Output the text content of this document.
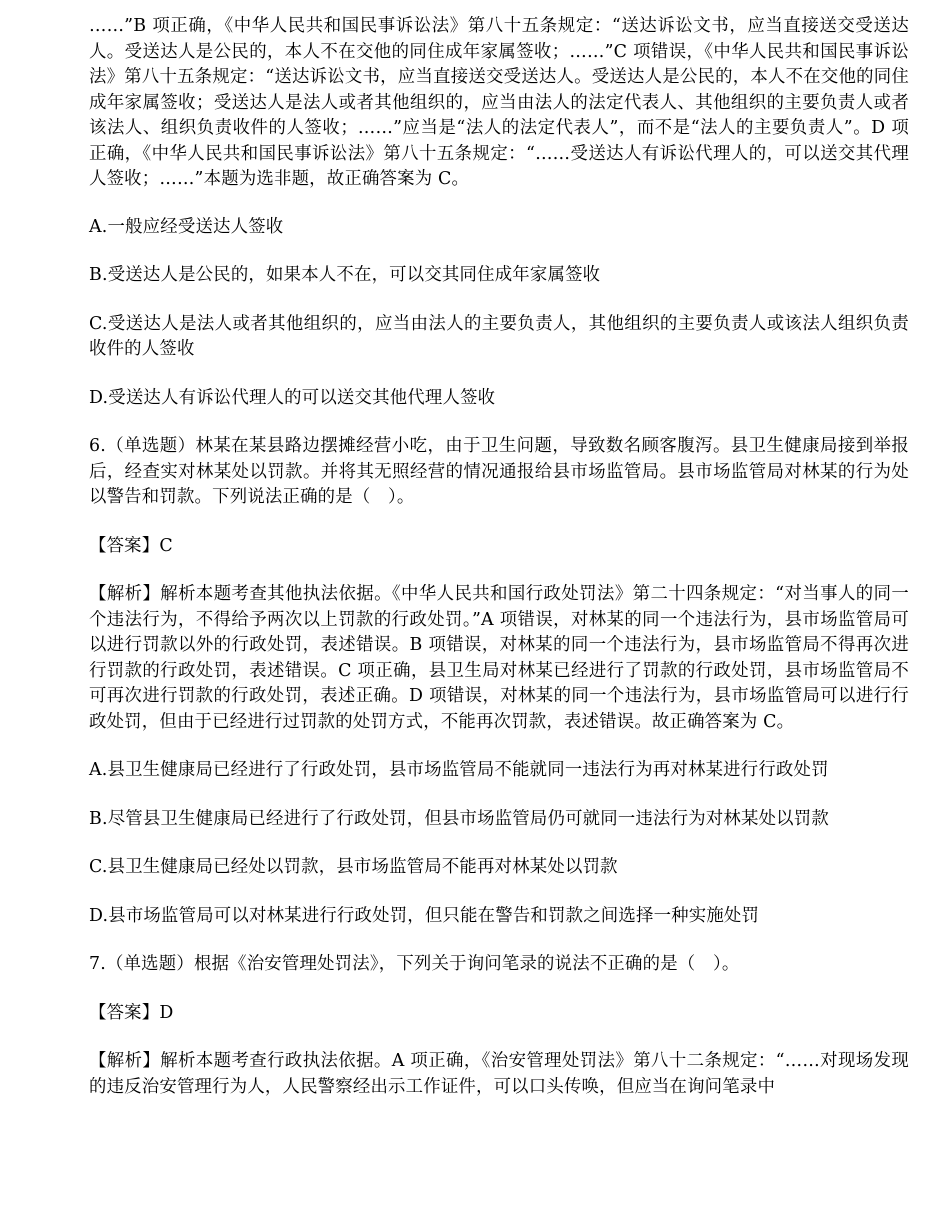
……”B 项正确，《中华人民共和国民事诉讼法》第八十五条规定：“送达诉讼文书，应当直接送交受送达人。受送达人是公民的，本人不在交他的同住成年家属签收；……”C 项错误，《中华人民共和国民事诉讼法》第八十五条规定：“送达诉讼文书，应当直接送交受送达人。受送达人是公民的，本人不在交他的同住成年家属签收；受送达人是法人或者其他组织的，应当由法人的法定代表人、其他组织的主要负责人或者该法人、组织负责收件的人签收；……”应当是“法人的法定代表人”，而不是“法人的主要负责人”。D 项正确，《中华人民共和国民事诉讼法》第八十五条规定：“……受送达人有诉讼代理人的，可以送交其代理人签收；……”本题为选非题，故正确答案为 C。

A.一般应经受送达人签收

B.受送达人是公民的，如果本人不在，可以交其同住成年家属签收

C.受送达人是法人或者其他组织的，应当由法人的主要负责人，其他组织的主要负责人或该法人组织负责收件的人签收

D.受送达人有诉讼代理人的可以送交其他代理人签收

6.（单选题）林某在某县路边摆摊经营小吃，由于卫生问题，导致数名顾客腹泻。县卫生健康局接到举报后，经查实对林某处以罚款。并将其无照经营的情况通报给县市场监管局。县市场监管局对林某的行为处以警告和罚款。下列说法正确的是（　）。

【答案】C

【解析】解析本题考查其他执法依据。《中华人民共和国行政处罚法》第二十四条规定：“对当事人的同一个违法行为，不得给予两次以上罚款的行政处罚。”A 项错误，对林某的同一个违法行为，县市场监管局可以进行罚款以外的行政处罚，表述错误。B 项错误，对林某的同一个违法行为，县市场监管局不得再次进行罚款的行政处罚，表述错误。C 项正确，县卫生局对林某已经进行了罚款的行政处罚，县市场监管局不可再次进行罚款的行政处罚，表述正确。D 项错误，对林某的同一个违法行为，县市场监管局可以进行行政处罚，但由于已经进行过罚款的处罚方式，不能再次罚款，表述错误。故正确答案为 C。

A.县卫生健康局已经进行了行政处罚，县市场监管局不能就同一违法行为再对林某进行行政处罚

B.尽管县卫生健康局已经进行了行政处罚，但县市场监管局仍可就同一违法行为对林某处以罚款

C.县卫生健康局已经处以罚款，县市场监管局不能再对林某处以罚款

D.县市场监管局可以对林某进行行政处罚，但只能在警告和罚款之间选择一种实施处罚

7.（单选题）根据《治安管理处罚法》，下列关于询问笔录的说法不正确的是（　）。

【答案】D

【解析】解析本题考查行政执法依据。A 项正确，《治安管理处罚法》第八十二条规定：“……对现场发现的违反治安管理行为人，人民警察经出示工作证件，可以口头传唤，但应当在询问笔录中
